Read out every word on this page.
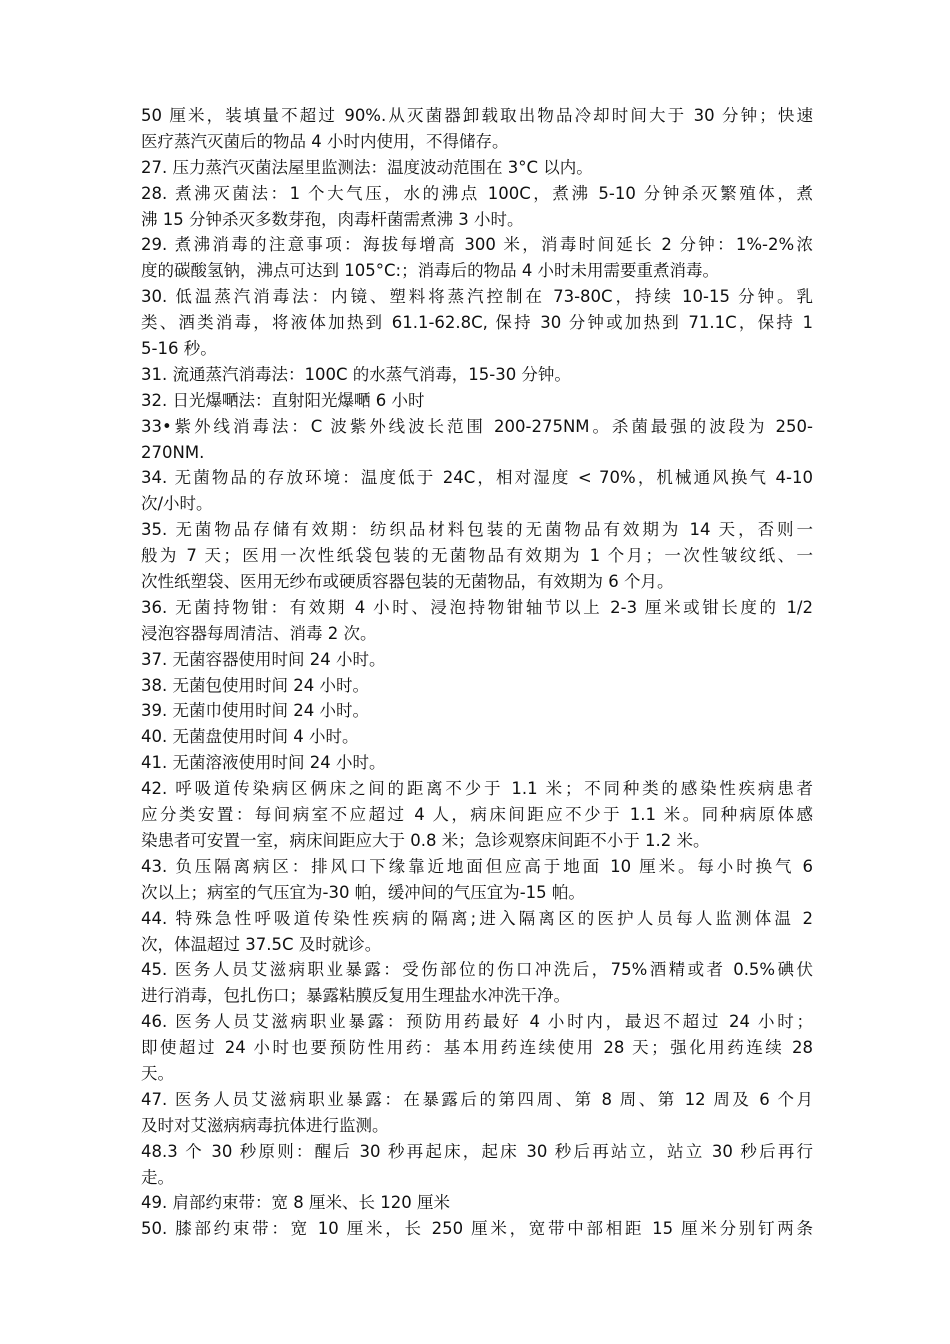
50 厘米，装填量不超过 90%.从灭菌器卸载取出物品冷却时间大于 30 分钟；快速
医疗蒸汽灭菌后的物品 4 小时内使用，不得储存。
27. 压力蒸汽灭菌法屋里监测法：温度波动范围在 3°C 以内。
28. 煮沸灭菌法：1 个大气压，水的沸点 100C，煮沸 5-10 分钟杀灭繁殖体，煮
沸 15 分钟杀灭多数芽孢，肉毒杆菌需煮沸 3 小时。
29. 煮沸消毒的注意事项：海拔每增高 300 米，消毒时间延长 2 分钟：1%-2%浓
度的碳酸氢钠，沸点可达到 105°C:；消毒后的物品 4 小时未用需要重煮消毒。
30. 低温蒸汽消毒法：内镜、塑料将蒸汽控制在 73-80C，持续 10-15 分钟。乳
类、酒类消毒，将液体加热到 61.1-62.8C, 保持 30 分钟或加热到 71.1C，保持 1
5-16 秒。
31. 流通蒸汽消毒法：100C 的水蒸气消毒，15-30 分钟。
32. 日光爆嗮法：直射阳光爆嗮 6 小时
33•紫外线消毒法：C 波紫外线波长范围 200-275NM。杀菌最强的波段为 250-
270NM.
34. 无菌物品的存放环境：温度低于 24C，相对湿度 < 70%，机械通风换气 4-10
次/小时。
35. 无菌物品存储有效期：纺织品材料包装的无菌物品有效期为 14 天，否则一
般为 7 天；医用一次性纸袋包装的无菌物品有效期为 1 个月；一次性皱纹纸、一
次性纸塑袋、医用无纱布或硬质容器包装的无菌物品，有效期为 6 个月。
36. 无菌持物钳：有效期 4 小时、浸泡持物钳轴节以上 2-3 厘米或钳长度的 1/2
浸泡容器每周清洁、消毒 2 次。
37. 无菌容器使用时间 24 小时。
38. 无菌包使用时间 24 小时。
39. 无菌巾使用时间 24 小时。
40. 无菌盘使用时间 4 小时。
41. 无菌溶液使用时间 24 小时。
42. 呼吸道传染病区俩床之间的距离不少于 1.1 米；不同种类的感染性疾病患者
应分类安置：每间病室不应超过 4 人，病床间距应不少于 1.1 米。同种病原体感
染患者可安置一室，病床间距应大于 0.8 米；急诊观察床间距不小于 1.2 米。
43. 负压隔离病区：排风口下缘靠近地面但应高于地面 10 厘米。每小时换气 6
次以上；病室的气压宜为-30 帕，缓冲间的气压宜为-15 帕。
44. 特殊急性呼吸道传染性疾病的隔离;进入隔离区的医护人员每人监测体温 2
次，体温超过 37.5C 及时就诊。
45. 医务人员艾滋病职业暴露：受伤部位的伤口冲洗后，75%酒精或者 0.5%碘伏
进行消毒，包扎伤口；暴露粘膜反复用生理盐水冲洗干净。
46. 医务人员艾滋病职业暴露：预防用药最好 4 小时内，最迟不超过 24 小时；
即使超过 24 小时也要预防性用药：基本用药连续使用 28 天；强化用药连续 28
天。
47. 医务人员艾滋病职业暴露：在暴露后的第四周、第 8 周、第 12 周及 6 个月
及时对艾滋病病毒抗体进行监测。
48.3 个 30 秒原则：醒后 30 秒再起床，起床 30 秒后再站立，站立 30 秒后再行
走。
49. 肩部约束带：宽 8 厘米、长 120 厘米
50. 膝部约束带：宽 10 厘米，长 250 厘米，宽带中部相距 15 厘米分别钉两条
